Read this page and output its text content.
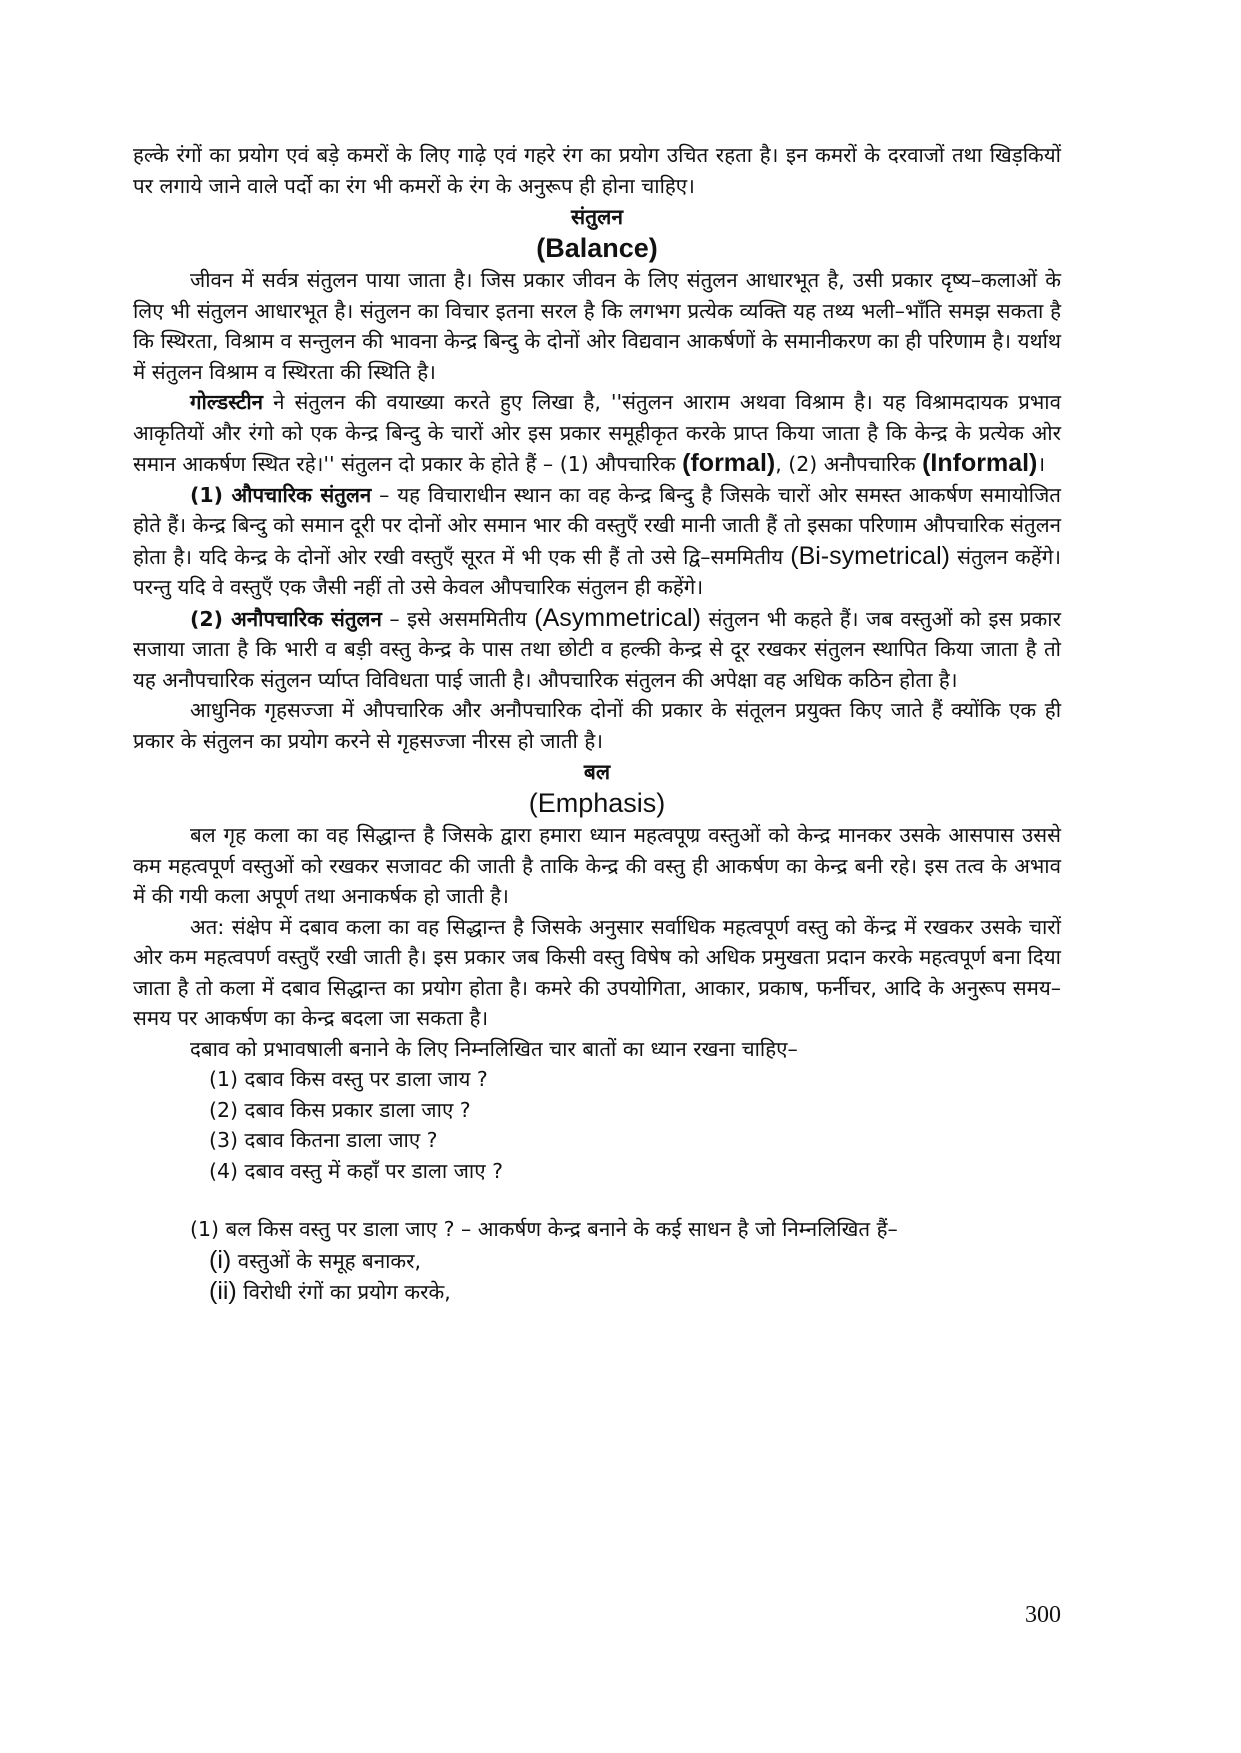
हल्के रंगों का प्रयोग एवं बड़े कमरों के लिए गाढ़े एवं गहरे रंग का प्रयोग उचित रहता है। इन कमरों के दरवाजों तथा खिड़कियों पर लगाये जाने वाले पर्दो का रंग भी कमरों के रंग के अनुरूप ही होना चाहिए।

संतुलन
(Balance)

जीवन में सर्वत्र संतुलन पाया जाता है। जिस प्रकार जीवन के लिए संतुलन आधारभूत है, उसी प्रकार दृष्य–कलाओं के लिए भी संतुलन आधारभूत है। संतुलन का विचार इतना सरल है कि लगभग प्रत्येक व्यक्ति यह तथ्य भली–भाँति समझ सकता है कि स्थिरता, विश्राम व सन्तुलन की भावना केन्द्र बिन्दु के दोनों ओर विद्यवान आकर्षणों के समानीकरण का ही परिणाम है। यर्थाथ में संतुलन विश्राम व स्थिरता की स्थिति है।

गोल्डस्टीन ने संतुलन की वयाख्या करते हुए लिखा है, ''संतुलन आराम अथवा विश्राम है। यह विश्रामदायक प्रभाव आकृतियों और रंगो को एक केन्द्र बिन्दु के चारों ओर इस प्रकार समूहीकृत करके प्राप्त किया जाता है कि केन्द्र के प्रत्येक ओर समान आकर्षण स्थित रहे।'' संतुलन दो प्रकार के होते हैं – (1) औपचारिक (formal), (2) अनौपचारिक (Informal)।

(1) औपचारिक संतुलन – यह विचाराधीन स्थान का वह केन्द्र बिन्दु है जिसके चारों ओर समस्त आकर्षण समायोजित होते हैं। केन्द्र बिन्दु को समान दूरी पर दोनों ओर समान भार की वस्तुएँ रखी मानी जाती हैं तो इसका परिणाम औपचारिक संतुलन होता है। यदि केन्द्र के दोनों ओर रखी वस्तुएँ सूरत में भी एक सी हैं तो उसे द्वि–सममितीय (Bi-symetrical) संतुलन कहेंगे। परन्तु यदि वे वस्तुएँ एक जैसी नहीं तो उसे केवल औपचारिक संतुलन ही कहेंगे।

(2) अनौपचारिक संतुलन – इसे असममितीय (Asymmetrical) संतुलन भी कहते हैं। जब वस्तुओं को इस प्रकार सजाया जाता है कि भारी व बड़ी वस्तु केन्द्र के पास तथा छोटी व हल्की केन्द्र से दूर रखकर संतुलन स्थापित किया जाता है तो यह अनौपचारिक संतुलन र्प्याप्त विविधता पाई जाती है। औपचारिक संतुलन की अपेक्षा वह अधिक कठिन होता है।

आधुनिक गृहसज्जा में औपचारिक और अनौपचारिक दोनों की प्रकार के संतूलन प्रयुक्त किए जाते हैं क्योंकि एक ही प्रकार के संतुलन का प्रयोग करने से गृहसज्जा नीरस हो जाती है।

बल
(Emphasis)

बल गृह कला का वह सिद्धान्त है जिसके द्वारा हमारा ध्यान महत्वपूण्र वस्तुओं को केन्द्र मानकर उसके आसपास उससे कम महत्वपूर्ण वस्तुओं को रखकर सजावट की जाती है ताकि केन्द्र की वस्तु ही आकर्षण का केन्द्र बनी रहे। इस तत्व के अभाव में की गयी कला अपूर्ण तथा अनाकर्षक हो जाती है।

अत: संक्षेप में दबाव कला का वह सिद्धान्त है जिसके अनुसार सर्वाधिक महत्वपूर्ण वस्तु को केंन्द्र में रखकर उसके चारों ओर कम महत्वपर्ण वस्तुएँ रखी जाती है। इस प्रकार जब किसी वस्तु विषेष को अधिक प्रमुखता प्रदान करके महत्वपूर्ण बना दिया जाता है तो कला में दबाव सिद्धान्त का प्रयोग होता है। कमरे की उपयोगिता, आकार, प्रकाष, फर्नीचर, आदि के अनुरूप समय–समय पर आकर्षण का केन्द्र बदला जा सकता है।

दबाव को प्रभावषाली बनाने के लिए निम्नलिखित चार बातों का ध्यान रखना चाहिए–

(1) दबाव किस वस्तु पर डाला जाय ?

(2) दबाव किस प्रकार डाला जाए ?

(3) दबाव कितना डाला जाए ?

(4) दबाव वस्तु में कहाँ पर डाला जाए ?

(1) बल किस वस्तु पर डाला जाए ? – आकर्षण केन्द्र बनाने के कई साधन है जो निम्नलिखित हैं–

(i) वस्तुओं के समूह बनाकर,

(ii) विरोधी रंगों का प्रयोग करके,

300
